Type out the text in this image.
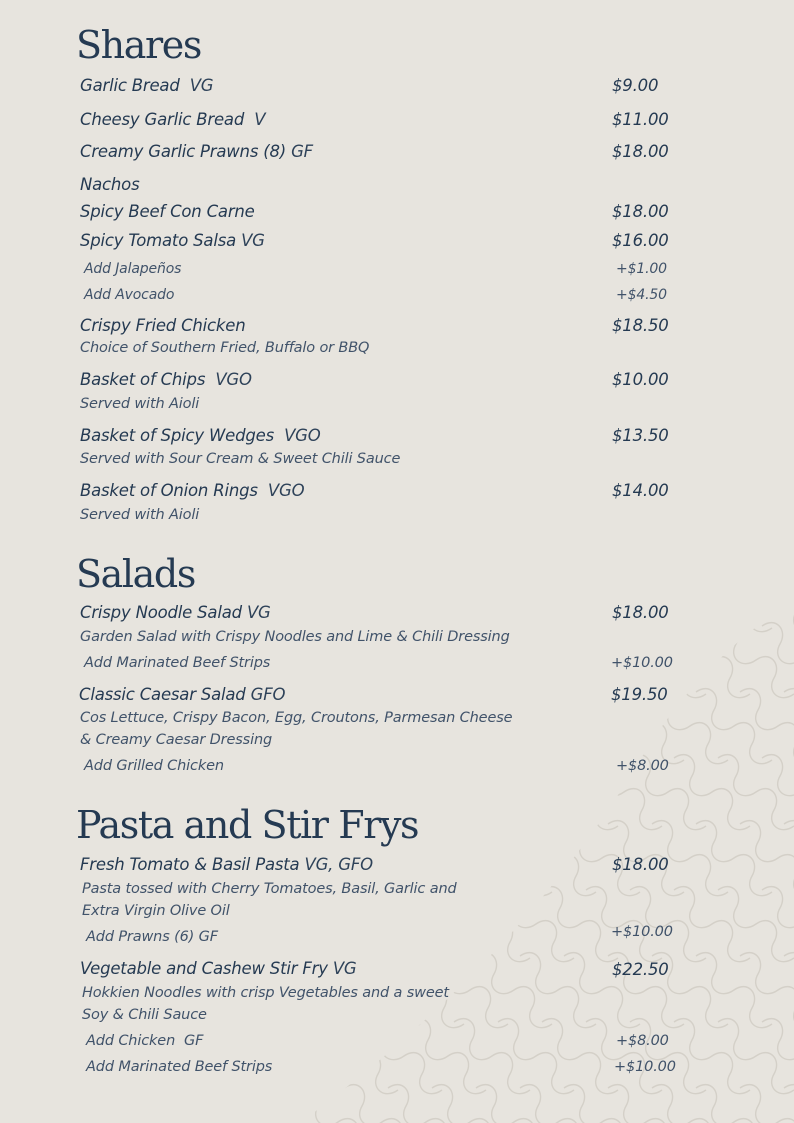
Shares
Garlic Bread VG	$9.00
Cheesy Garlic Bread V	$11.00
Creamy Garlic Prawns (8) GF	$18.00
Nachos
Spicy Beef Con Carne	$18.00
Spicy Tomato Salsa VG	$16.00
Add Jalapeños	+$1.00
Add Avocado	+$4.50
Crispy Fried Chicken	$18.50
Choice of Southern Fried, Buffalo or BBQ
Basket of Chips VGO	$10.00
Served with Aioli
Basket of Spicy Wedges VGO	$13.50
Served with Sour Cream & Sweet Chili Sauce
Basket of Onion Rings VGO	$14.00
Served with Aioli
Salads
Crispy Noodle Salad VG	$18.00
Garden Salad with Crispy Noodles and Lime & Chili Dressing
Add Marinated Beef Strips	+$10.00
Classic Caesar Salad GFO	$19.50
Cos Lettuce, Crispy Bacon, Egg, Croutons, Parmesan Cheese
& Creamy Caesar Dressing
Add Grilled Chicken	+$8.00
Pasta and Stir Frys
Fresh Tomato & Basil Pasta VG, GFO	$18.00
Pasta tossed with Cherry Tomatoes, Basil, Garlic and
Extra Virgin Olive Oil
Add Prawns (6) GF	+$10.00
Vegetable and Cashew Stir Fry VG	$22.50
Hokkien Noodles with crisp Vegetables and a sweet
Soy & Chili Sauce
Add Chicken GF	+$8.00
Add Marinated Beef Strips	+$10.00
